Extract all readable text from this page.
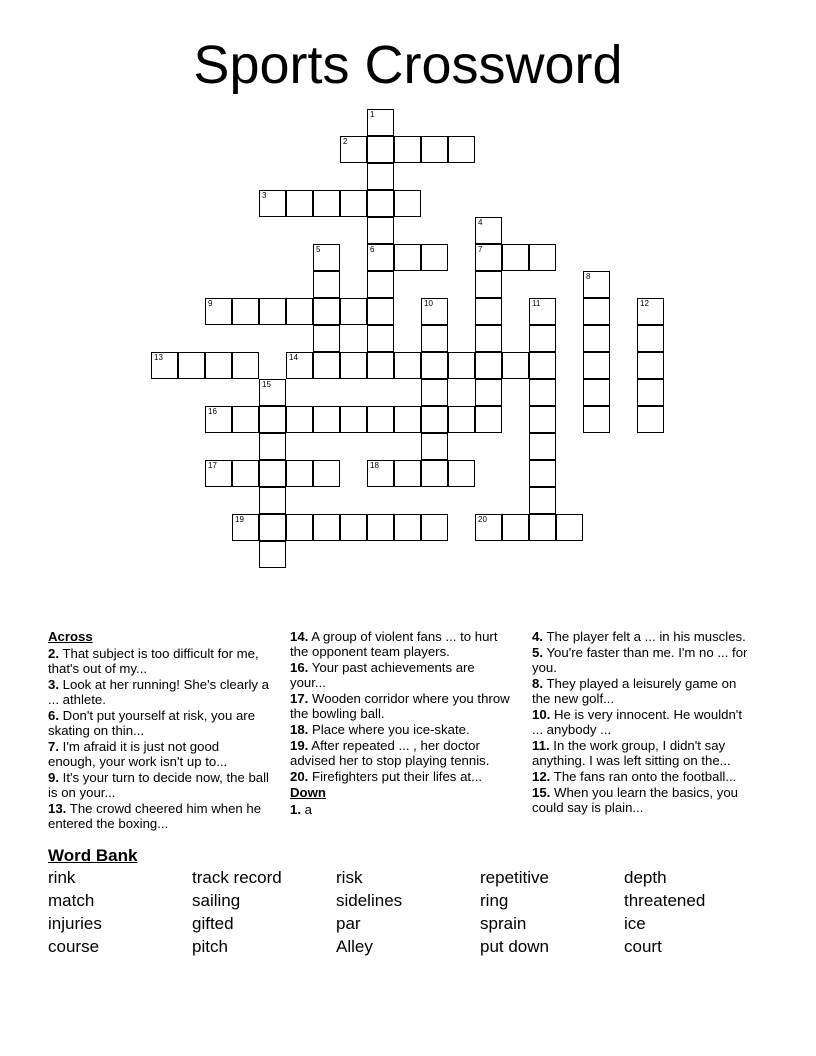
Sports Crossword
1
2
3
4
5	6	7
8
9	10	11	12
13	14
15
16
17	18
19	20
Across
2. That subject is too difficult for me, that's out of my...
3. Look at her running! She's clearly a ... athlete.
6. Don't put yourself at risk, you are skating on thin...
7. I'm afraid it is just not good enough, your work isn't up to...
9. It's your turn to decide now, the ball is on your...
13. The crowd cheered him when he entered the boxing...
14. A group of violent fans ... to hurt the opponent team players.
16. Your past achievements are your...
17. Wooden corridor where you throw the bowling ball.
18. Place where you ice-skate.
19. After repeated ... , her doctor advised her to stop playing tennis.
20. Firefighters put their lifes at...
Down
1. a
4. The player felt a ... in his muscles.
5. You're faster than me. I'm no ... for you.
8. They played a leisurely game on the new golf...
10. He is very innocent. He wouldn't ... anybody ...
11. In the work group, I didn't say anything. I was left sitting on the...
12. The fans ran onto the football...
15. When you learn the basics, you could say is plain...
Word Bank
rink	track record	risk	repetitive	depth
match	sailing	sidelines	ring	threatened
injuries	gifted	par	sprain	ice
course	pitch	Alley	put down	court
